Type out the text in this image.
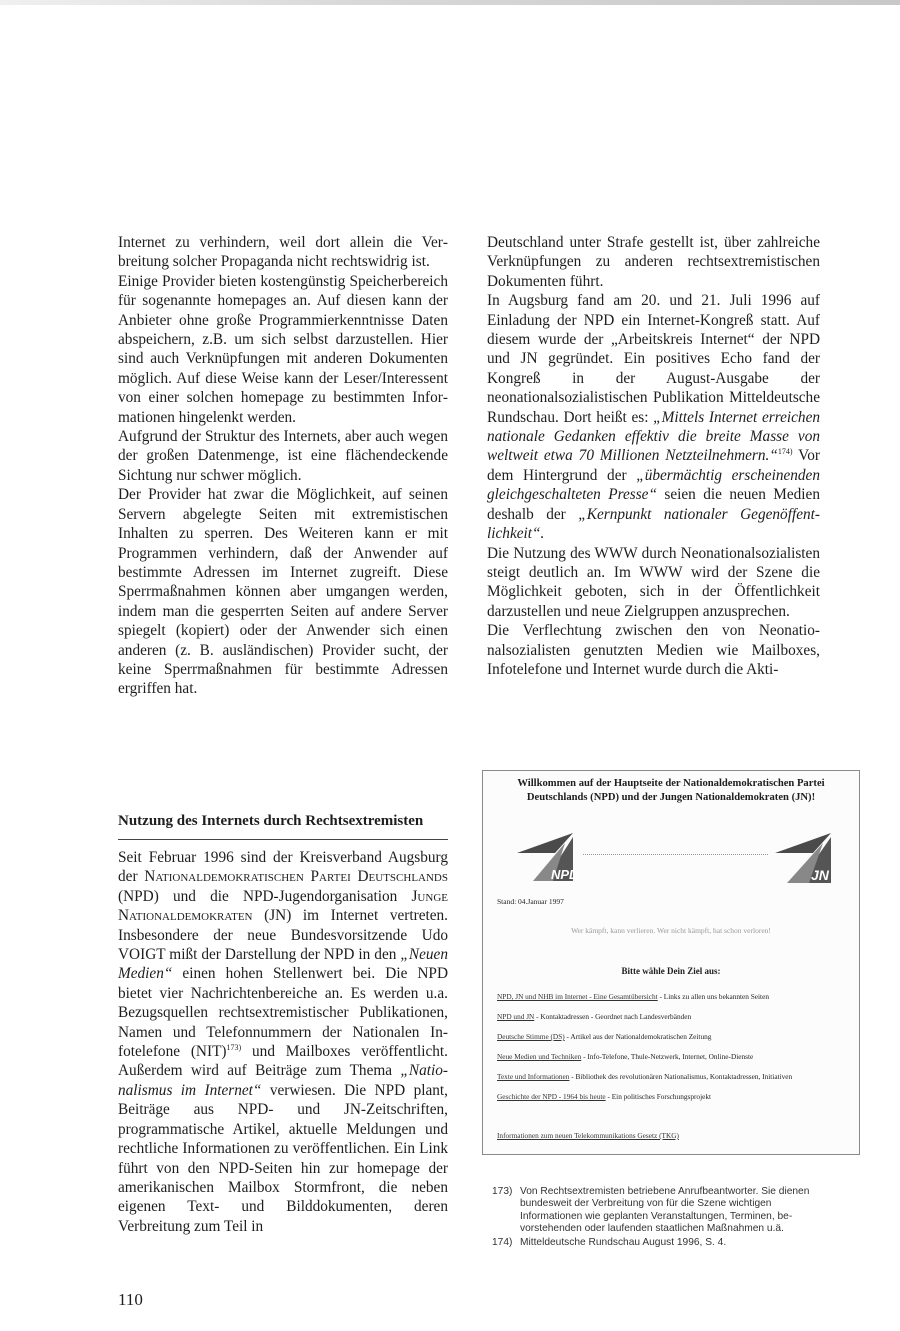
Internet zu verhindern, weil dort allein die Verbreitung solcher Propaganda nicht rechtswidrig ist.

Einige Provider bieten kostengünstig Speicherbereich für sogenannte homepages an. Auf diesen kann der Anbieter ohne große Programmierkenntnisse Daten abspeichern, z.B. um sich selbst darzustellen. Hier sind auch Verknüpfungen mit anderen Dokumenten möglich. Auf diese Weise kann der Leser/Interessent von einer solchen homepage zu bestimmten Informationen hingelenkt werden.

Aufgrund der Struktur des Internets, aber auch wegen der großen Datenmenge, ist eine flächendeckende Sichtung nur schwer möglich.

Der Provider hat zwar die Möglichkeit, auf seinen Servern abgelegte Seiten mit extremistischen Inhalten zu sperren. Des Weiteren kann er mit Programmen verhindern, daß der Anwender auf bestimmte Adressen im Internet zugreift. Diese Sperrmaßnahmen können aber umgangen werden, indem man die gesperrten Seiten auf andere Server spiegelt (kopiert) oder der Anwender sich einen anderen (z. B. ausländischen) Provider sucht, der keine Sperrmaßnahmen für bestimmte Adressen ergriffen hat.

Nutzung des Internets durch Rechtsextremisten

Seit Februar 1996 sind der Kreisverband Augsburg der Nationaldemokratischen Partei Deutschlands (NPD) und die NPD-Jugendorganisation Junge Nationaldemokraten (JN) im Internet vertreten. Insbesondere der neue Bundesvorsitzende Udo VOIGT mißt der Darstellung der NPD in den „Neuen Medien“ einen hohen Stellenwert bei. Die NPD bietet vier Nachrichtenbereiche an. Es werden u.a. Bezugsquellen rechtsextremistischer Publikationen, Namen und Telefonnummern der Nationalen Infotelefone (NIT)$^{173)}$ und Mailboxes veröffentlicht. Außerdem wird auf Beiträge zum Thema „Nationalismus im Internet“ verwiesen. Die NPD plant, Beiträge aus NPD- und JN-Zeitschriften, programmatische Artikel, aktuelle Meldungen und rechtliche Informationen zu veröffentlichen. Ein Link führt von den NPD-Seiten hin zur homepage der amerikanischen Mailbox Stormfront, die neben eigenen Text- und Bilddokumenten, deren Verbreitung zum Teil in

Deutschland unter Strafe gestellt ist, über zahlreiche Verknüpfungen zu anderen rechtsextremistischen Dokumenten führt.

In Augsburg fand am 20. und 21. Juli 1996 auf Einladung der NPD ein Internet-Kongreß statt. Auf diesem wurde der „Arbeitskreis Internet“ der NPD und JN gegründet. Ein positives Echo fand der Kongreß in der August-Ausgabe der neonationalsozialistischen Publikation Mitteldeutsche Rundschau. Dort heißt es: „Mittels Internet erreichen nationale Gedanken effektiv die breite Masse von weltweit etwa 70 Millionen Netzteilnehmern.“$^{174)}$ Vor dem Hintergrund der „übermächtig erscheinenden gleichgeschalteten Presse“ seien die neuen Medien deshalb der „Kernpunkt nationaler Gegenöffentlichkeit“.

Die Nutzung des WWW durch Neonationalsozialisten steigt deutlich an. Im WWW wird der Szene die Möglichkeit geboten, sich in der Öffentlichkeit darzustellen und neue Zielgruppen anzusprechen.

Die Verflechtung zwischen den von Neonationalsozialisten genutzten Medien wie Mailboxes, Infotelefone und Internet wurde durch die Akti-

Willkommen auf der Hauptseite der Nationaldemokratischen Partei Deutschlands (NPD) und der Jungen Nationaldemokraten (JN)!
NPD	JN
Stand: 04.Januar 1997
Wer kämpft, kann verlieren. Wer nicht kämpft, hat schon verloren!
Bitte wähle Dein Ziel aus:
NPD, JN und NHB im Internet - Eine Gesamtübersicht - Links zu allen uns bekannten Seiten
NPD und JN - Kontaktadressen - Geordnet nach Landesverbänden
Deutsche Stimme (DS) - Artikel aus der Nationaldemokratischen Zeitung
Neue Medien und Techniken - Info-Telefone, Thule-Netzwerk, Internet, Online-Dienste
Texte und Informationen - Bibliothek des revolutionären Nationalismus, Kontaktadressen, Initiativen
Geschichte der NPD - 1964 bis heute - Ein politisches Forschungsprojekt
Informationen zum neuen Telekommunikations Gesetz (TKG)
173) Von Rechtsextremisten betriebene Anrufbeantworter. Sie dienen bundesweit der Verbreitung von für die Szene wichtigen Informationen wie geplanten Veranstaltungen, Terminen, bevorstehenden oder laufenden staatlichen Maßnahmen u.ä.
174) Mitteldeutsche Rundschau August 1996, S. 4.
110
